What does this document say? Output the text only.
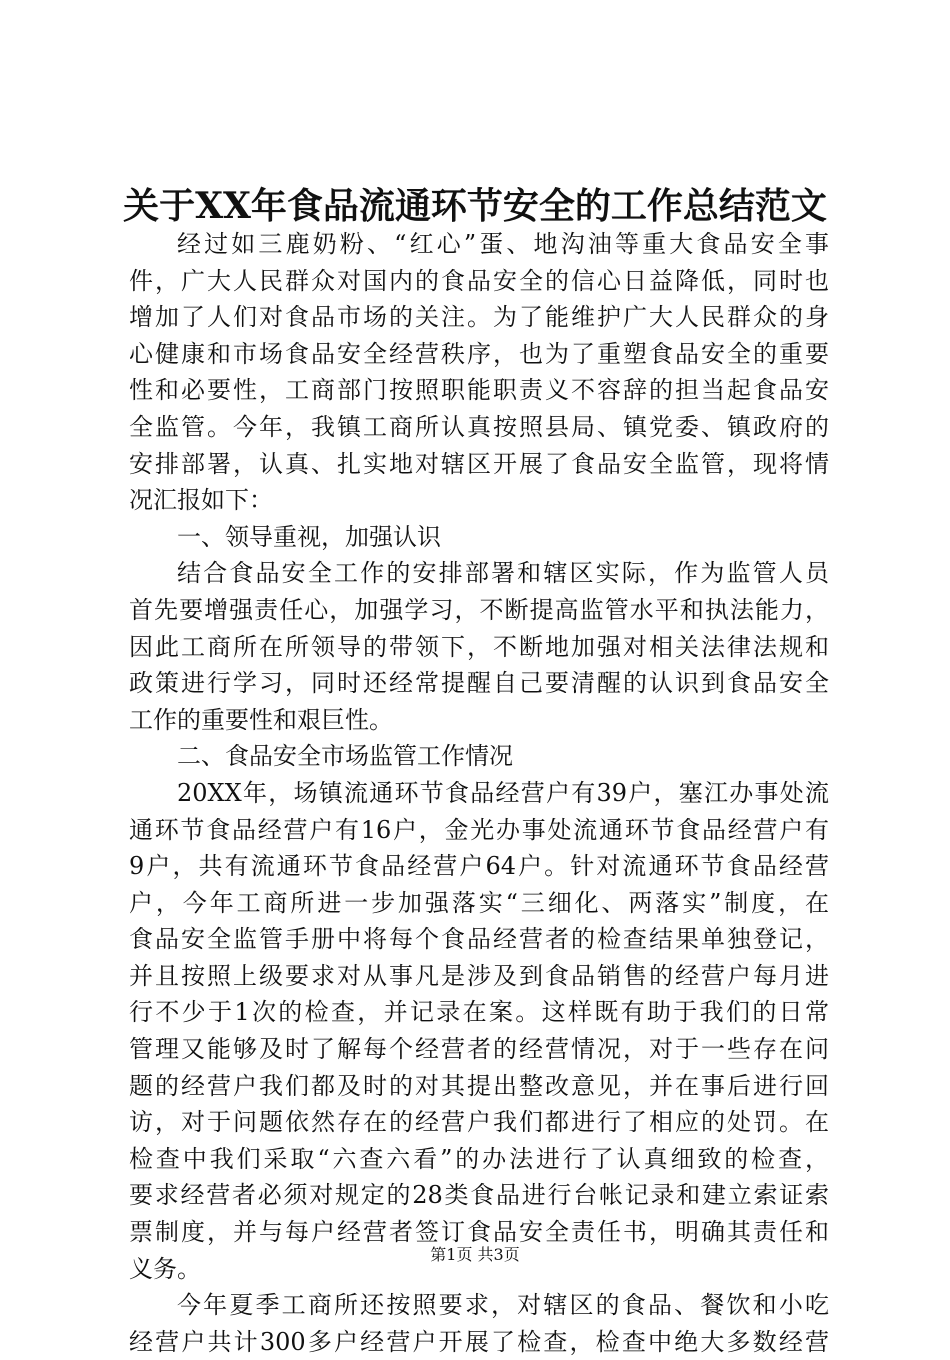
关于XX年食品流通环节安全的工作总结范文
经过如三鹿奶粉、“红心”蛋、地沟油等重大食品安全事
件，广大人民群众对国内的食品安全的信心日益降低，同时也
增加了人们对食品市场的关注。为了能维护广大人民群众的身
心健康和市场食品安全经营秩序，也为了重塑食品安全的重要
性和必要性，工商部门按照职能职责义不容辞的担当起食品安
全监管。今年，我镇工商所认真按照县局、镇党委、镇政府的
安排部署，认真、扎实地对辖区开展了食品安全监管，现将情
况汇报如下：
一、领导重视，加强认识
结合食品安全工作的安排部署和辖区实际，作为监管人员
首先要增强责任心，加强学习，不断提高监管水平和执法能力，
因此工商所在所领导的带领下，不断地加强对相关法律法规和
政策进行学习，同时还经常提醒自己要清醒的认识到食品安全
工作的重要性和艰巨性。
二、食品安全市场监管工作情况
20XX年，场镇流通环节食品经营户有39户，塞江办事处流
通环节食品经营户有16户，金光办事处流通环节食品经营户有
9户，共有流通环节食品经营户64户。针对流通环节食品经营
户，今年工商所进一步加强落实“三细化、两落实”制度，在
食品安全监管手册中将每个食品经营者的检查结果单独登记，
并且按照上级要求对从事凡是涉及到食品销售的经营户每月进
行不少于1次的检查，并记录在案。这样既有助于我们的日常
管理又能够及时了解每个经营者的经营情况，对于一些存在问
题的经营户我们都及时的对其提出整改意见，并在事后进行回
访，对于问题依然存在的经营户我们都进行了相应的处罚。在
检查中我们采取“六查六看”的办法进行了认真细致的检查，
要求经营者必须对规定的28类食品进行台帐记录和建立索证索
票制度，并与每户经营者签订食品安全责任书，明确其责任和
义务。
今年夏季工商所还按照要求，对辖区的食品、餐饮和小吃
经营户共计300多户经营户开展了检查，检查中绝大多数经营
第1页 共3页
